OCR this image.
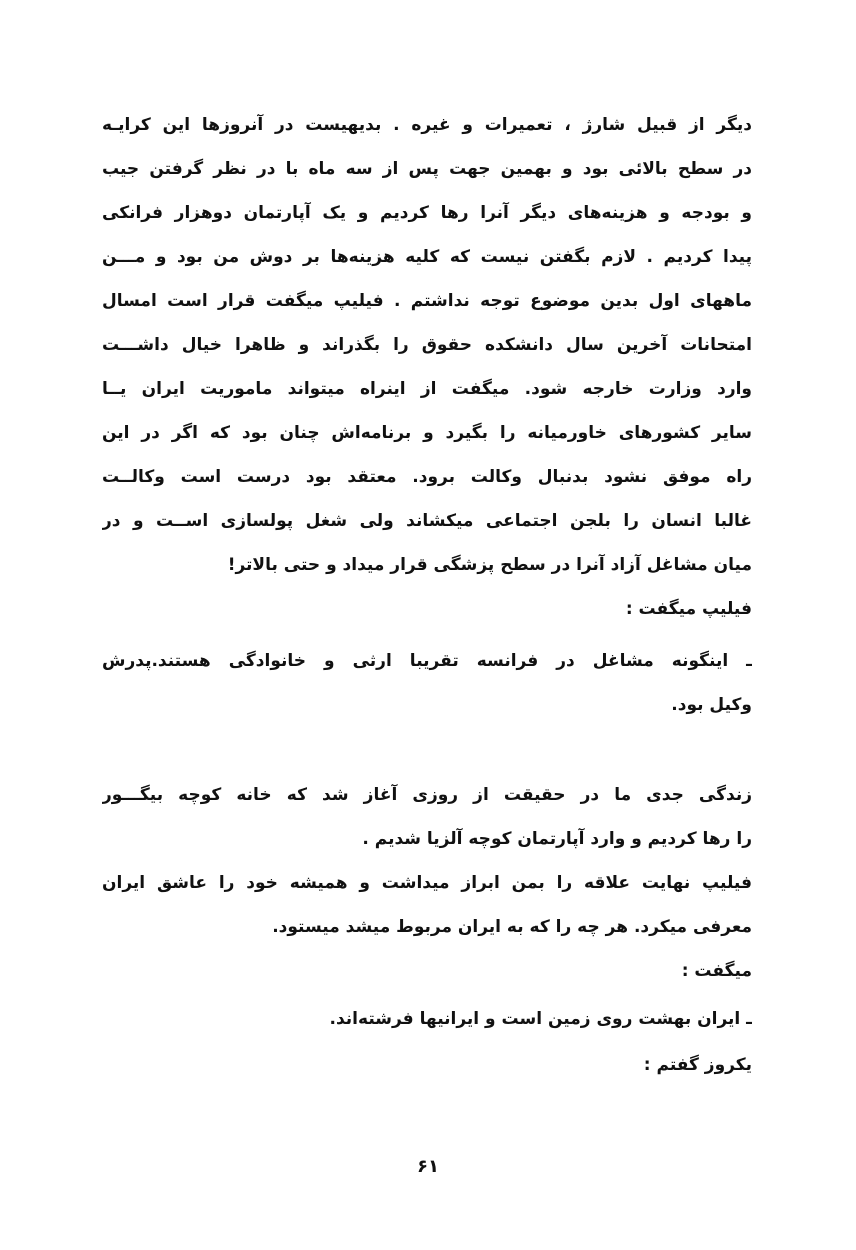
دیگر از قبیل شارژ ، تعمیرات و غیره . بدیهیست در آنروزها این کرایـه
در سطح بالائی بود و بهمین جهت پس از سه ماه با در نظر گرفتن جیب
و بودجه و هزینه‌های دیگر آنرا رها کردیم و یک آپارتمان دوهزار فرانکی
پیدا کردیم . لازم بگفتن نیست که کلیه هزینه‌ها بر دوش من بود و مـــن
ماههای اول بدین موضوع توجه نداشتم . فیلیپ میگفت قرار است امسال
امتحانات آخرین سال دانشکده حقوق را بگذراند و ظاهرا خیال داشـــت
وارد وزارت خارجه شود. میگفت از اینراه میتواند ماموریت ایران یــا
سایر کشورهای خاورمیانه را بگیرد و برنامه‌اش چنان بود که اگر در این
راه موفق نشود بدنبال وکالت برود. معتقد بود درست است وکالــت
غالبا انسان را بلجن اجتماعی میکشاند ولی شغل پولسازی اســت و در
میان مشاغل آزاد آنرا در سطح پزشگی قرار میداد و حتی بالاتر!
فیلیپ میگفت :
ـ اینگونه مشاغل در فرانسه تقریبا ارثی و خانوادگی هستند.پدرش
وکیل بود.
زندگی جدی ما در حقیقت از روزی آغاز شد که خانه کوچه بیگـــور
را رها کردیم و وارد آپارتمان کوچه آلزیا شدیم .
فیلیپ نهایت علاقه را بمن ابراز میداشت و همیشه خود را عاشق ایران
معرفی میکرد. هر چه را که به ایران مربوط میشد میستود.
میگفت :
ـ ایران بهشت روی زمین است و ایرانیها فرشته‌اند.
یکروز گفتم :
۶۱
